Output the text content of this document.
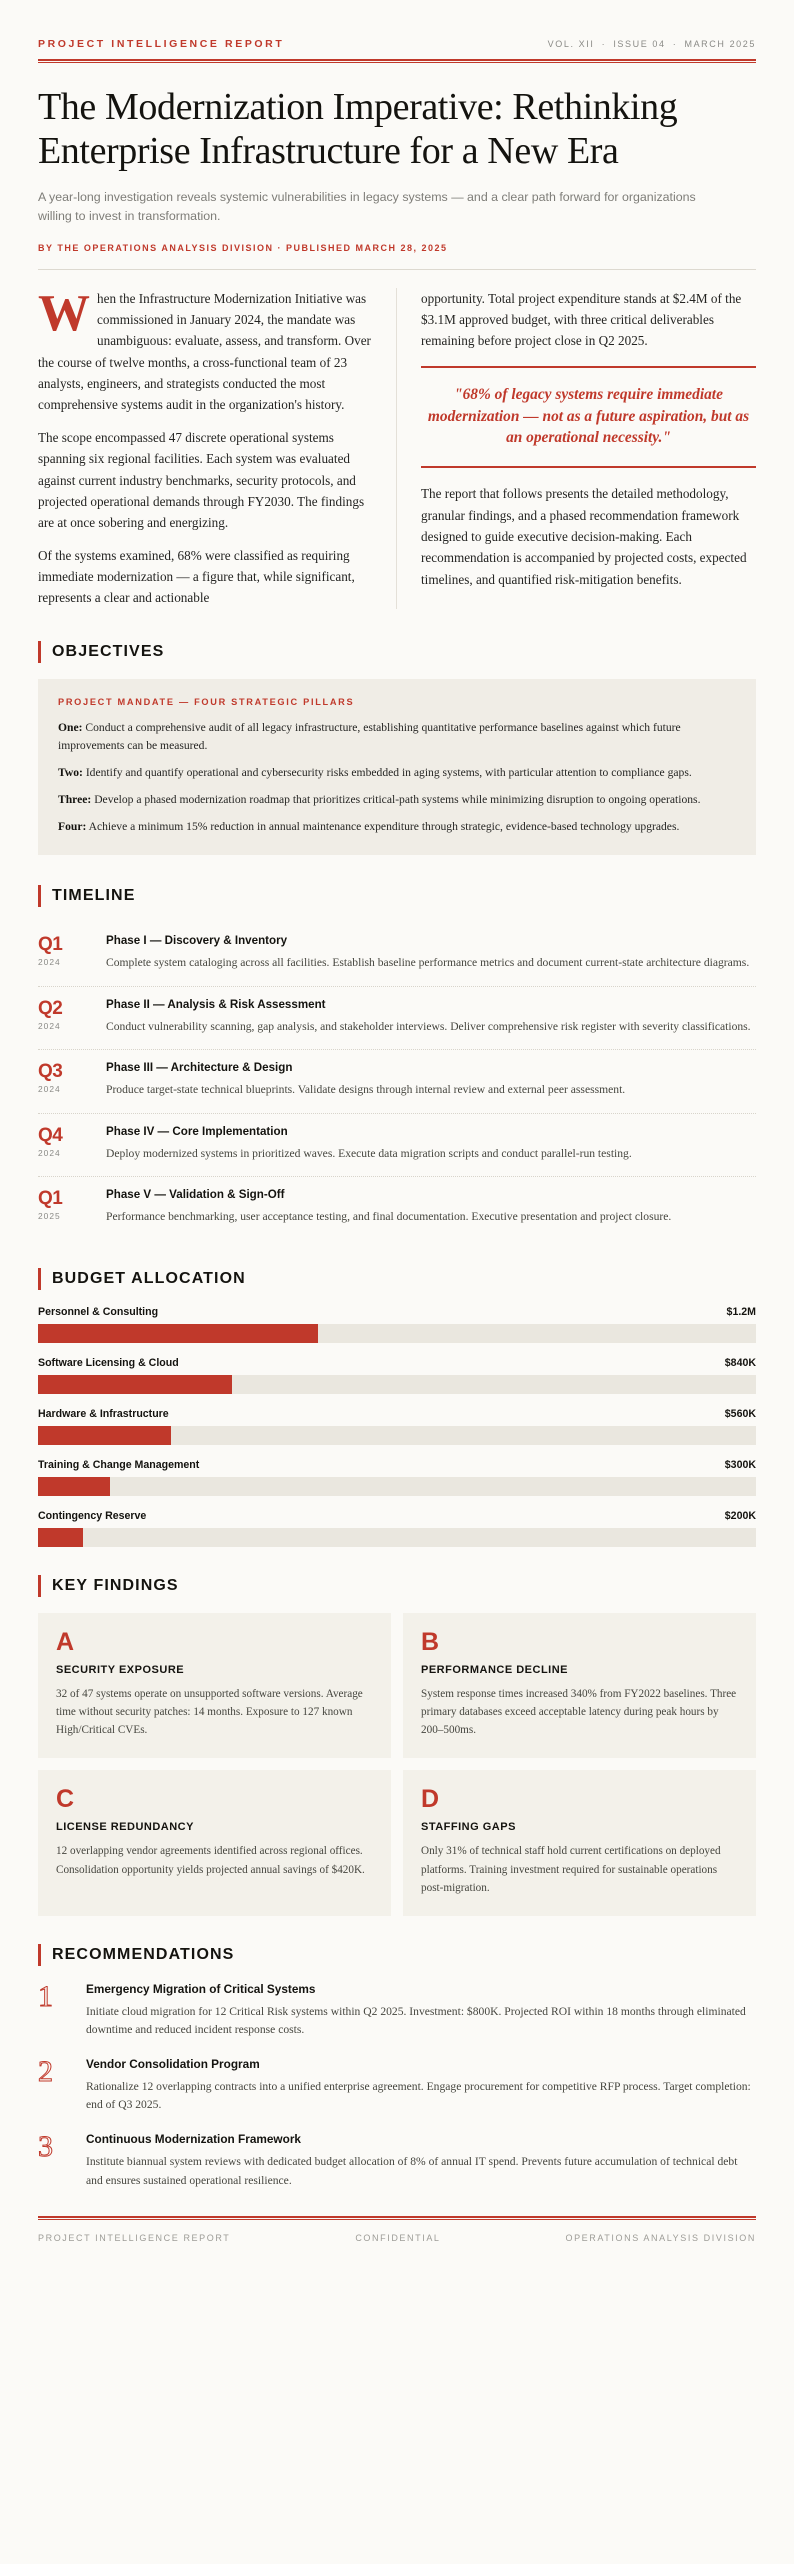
PROJECT INTELLIGENCE REPORT	VOL. XII · ISSUE 04 · MARCH 2025
The Modernization Imperative: Rethinking Enterprise Infrastructure for a New Era
A year-long investigation reveals systemic vulnerabilities in legacy systems — and a clear path forward for organizations willing to invest in transformation.
BY THE OPERATIONS ANALYSIS DIVISION · PUBLISHED MARCH 28, 2025

When the Infrastructure Modernization Initiative was commissioned in January 2024, the mandate was unambiguous: evaluate, assess, and transform. Over the course of twelve months, a cross-functional team of 23 analysts, engineers, and strategists conducted the most comprehensive systems audit in the organization's history.

The scope encompassed 47 discrete operational systems spanning six regional facilities. Each system was evaluated against current industry benchmarks, security protocols, and projected operational demands through FY2030. The findings are at once sobering and energizing.

Of the systems examined, 68% were classified as requiring immediate modernization — a figure that, while significant, represents a clear and actionable

opportunity. Total project expenditure stands at $2.4M of the $3.1M approved budget, with three critical deliverables remaining before project close in Q2 2025.

"68% of legacy systems require immediate modernization — not as a future aspiration, but as an operational necessity."

The report that follows presents the detailed methodology, granular findings, and a phased recommendation framework designed to guide executive decision-making. Each recommendation is accompanied by projected costs, expected timelines, and quantified risk-mitigation benefits.

OBJECTIVES
PROJECT MANDATE — FOUR STRATEGIC PILLARS
One: Conduct a comprehensive audit of all legacy infrastructure, establishing quantitative performance baselines against which future improvements can be measured.
Two: Identify and quantify operational and cybersecurity risks embedded in aging systems, with particular attention to compliance gaps.
Three: Develop a phased modernization roadmap that prioritizes critical-path systems while minimizing disruption to ongoing operations.
Four: Achieve a minimum 15% reduction in annual maintenance expenditure through strategic, evidence-based technology upgrades.
TIMELINE
Q1
2024
Phase I — Discovery & Inventory
Complete system cataloging across all facilities. Establish baseline performance metrics and document current-state architecture diagrams.
Q2
2024
Phase II — Analysis & Risk Assessment
Conduct vulnerability scanning, gap analysis, and stakeholder interviews. Deliver comprehensive risk register with severity classifications.
Q3
2024
Phase III — Architecture & Design
Produce target-state technical blueprints. Validate designs through internal review and external peer assessment.
Q4
2024
Phase IV — Core Implementation
Deploy modernized systems in prioritized waves. Execute data migration scripts and conduct parallel-run testing.
Q1
2025
Phase V — Validation & Sign-Off
Performance benchmarking, user acceptance testing, and final documentation. Executive presentation and project closure.
BUDGET ALLOCATION
Personnel & Consulting	$1.2M
Software Licensing & Cloud	$840K
Hardware & Infrastructure	$560K
Training & Change Management	$300K
Contingency Reserve	$200K
KEY FINDINGS
A
SECURITY EXPOSURE
32 of 47 systems operate on unsupported software versions. Average time without security patches: 14 months. Exposure to 127 known High/Critical CVEs.
B
PERFORMANCE DECLINE
System response times increased 340% from FY2022 baselines. Three primary databases exceed acceptable latency during peak hours by 200–500ms.
C
LICENSE REDUNDANCY
12 overlapping vendor agreements identified across regional offices. Consolidation opportunity yields projected annual savings of $420K.
D
STAFFING GAPS
Only 31% of technical staff hold current certifications on deployed platforms. Training investment required for sustainable operations post-migration.
RECOMMENDATIONS
1	Emergency Migration of Critical Systems
Initiate cloud migration for 12 Critical Risk systems within Q2 2025. Investment: $800K. Projected ROI within 18 months through eliminated downtime and reduced incident response costs.
2	Vendor Consolidation Program
Rationalize 12 overlapping contracts into a unified enterprise agreement. Engage procurement for competitive RFP process. Target completion: end of Q3 2025.
3	Continuous Modernization Framework
Institute biannual system reviews with dedicated budget allocation of 8% of annual IT spend. Prevents future accumulation of technical debt and ensures sustained operational resilience.
PROJECT INTELLIGENCE REPORT	CONFIDENTIAL	OPERATIONS ANALYSIS DIVISION
